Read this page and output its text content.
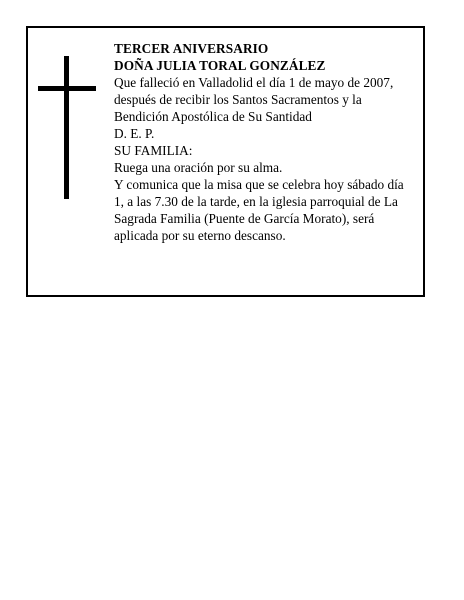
TERCER ANIVERSARIO
DOÑA JULIA TORAL GONZÁLEZ
Que falleció en Valladolid el día 1 de mayo de 2007,
después de recibir los Santos Sacramentos y la
Bendición Apostólica de Su Santidad
D. E. P.
SU FAMILIA:
Ruega una oración por su alma.
Y comunica que la misa que se celebra hoy sábado día
1, a las 7.30 de la tarde, en la iglesia parroquial de La
Sagrada Familia (Puente de García Morato), será
aplicada por su eterno descanso.
